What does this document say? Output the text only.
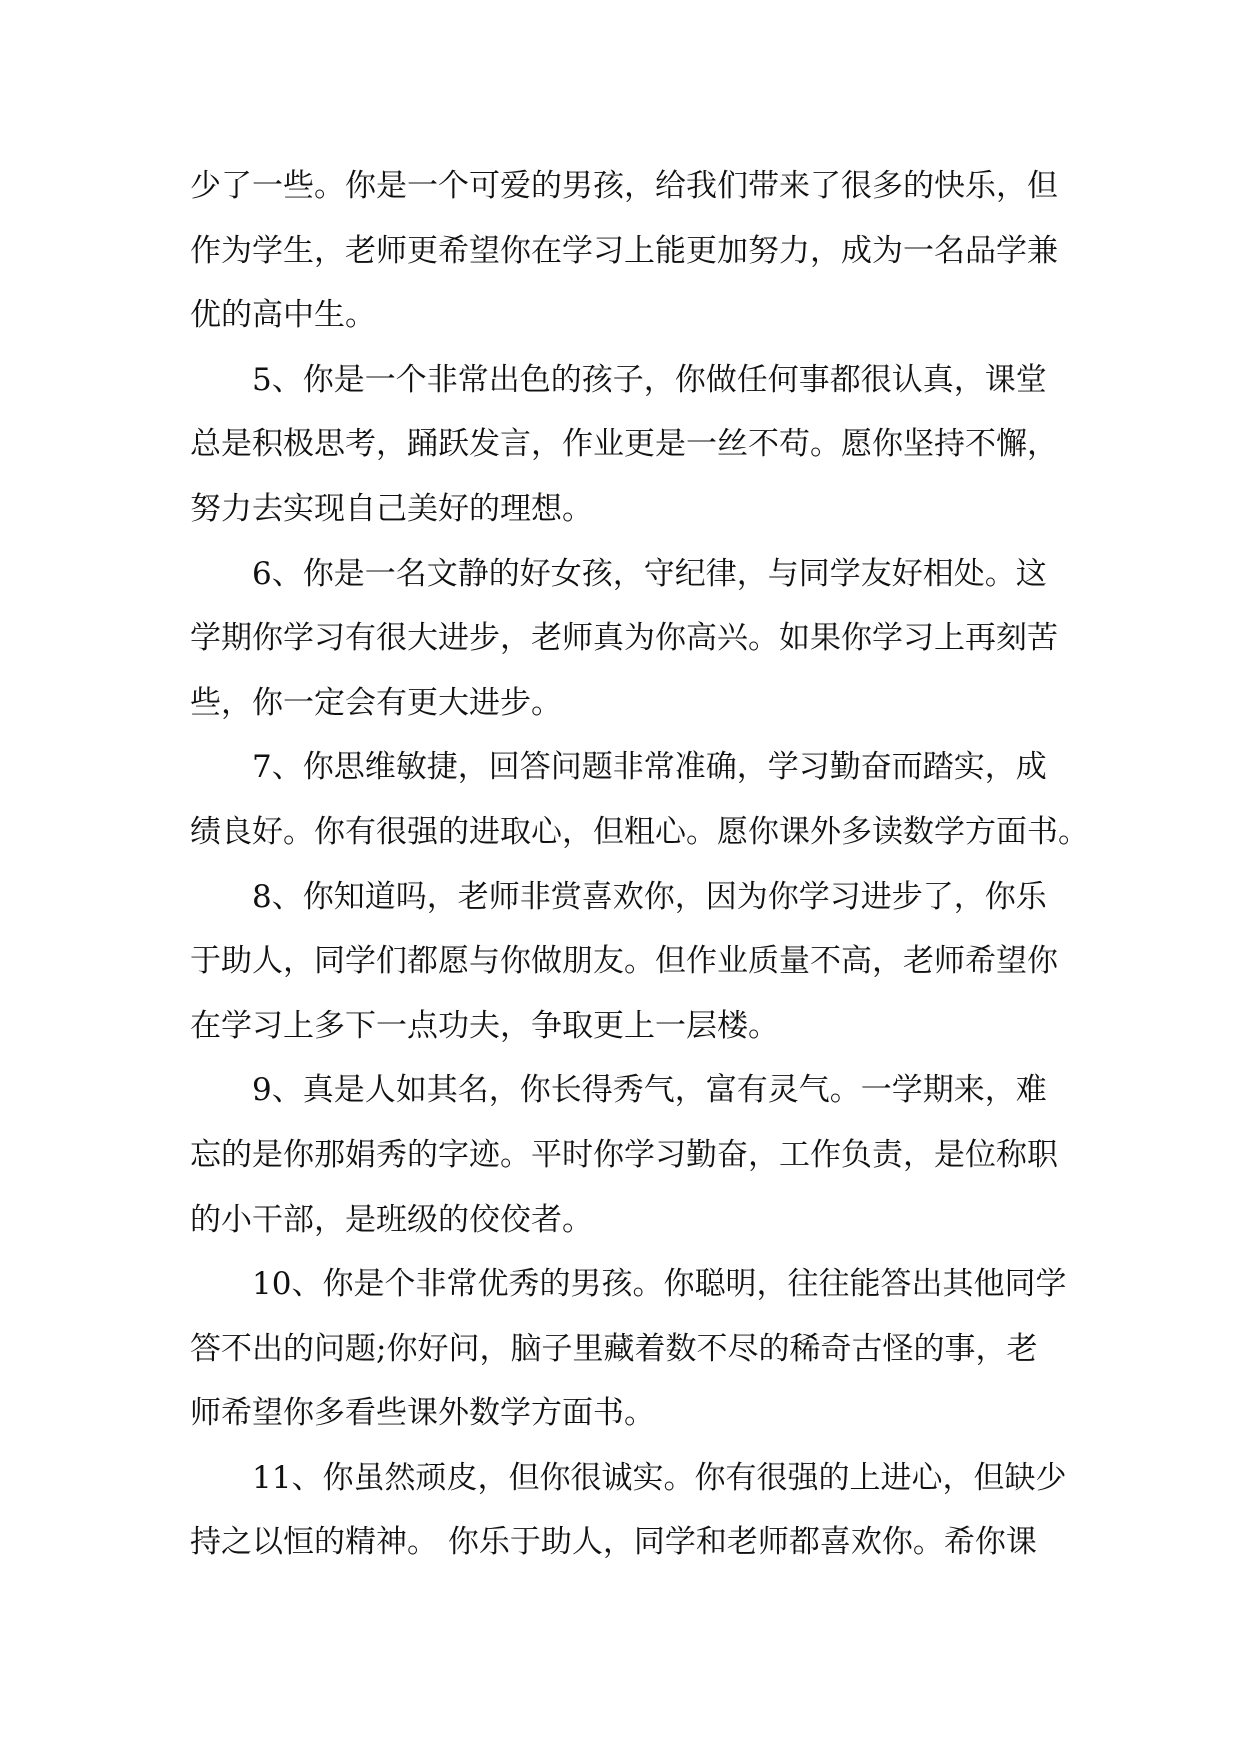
少了一些。你是一个可爱的男孩，给我们带来了很多的快乐，但
作为学生，老师更希望你在学习上能更加努力，成为一名品学兼
优的高中生。
5、你是一个非常出色的孩子，你做任何事都很认真，课堂
总是积极思考，踊跃发言，作业更是一丝不苟。愿你坚持不懈，
努力去实现自己美好的理想。
6、你是一名文静的好女孩，守纪律，与同学友好相处。这
学期你学习有很大进步，老师真为你高兴。如果你学习上再刻苦
些，你一定会有更大进步。
7、你思维敏捷，回答问题非常准确，学习勤奋而踏实，成
绩良好。你有很强的进取心，但粗心。愿你课外多读数学方面书。
8、你知道吗，老师非赏喜欢你，因为你学习进步了，你乐
于助人，同学们都愿与你做朋友。但作业质量不高，老师希望你
在学习上多下一点功夫，争取更上一层楼。
9、真是人如其名，你长得秀气，富有灵气。一学期来，难
忘的是你那娟秀的字迹。平时你学习勤奋，工作负责，是位称职
的小干部，是班级的佼佼者。
10、你是个非常优秀的男孩。你聪明，往往能答出其他同学
答不出的问题;你好问，脑子里藏着数不尽的稀奇古怪的事，老
师希望你多看些课外数学方面书。
11、你虽然顽皮，但你很诚实。你有很强的上进心，但缺少
持之以恒的精神。 你乐于助人，同学和老师都喜欢你。希你课
